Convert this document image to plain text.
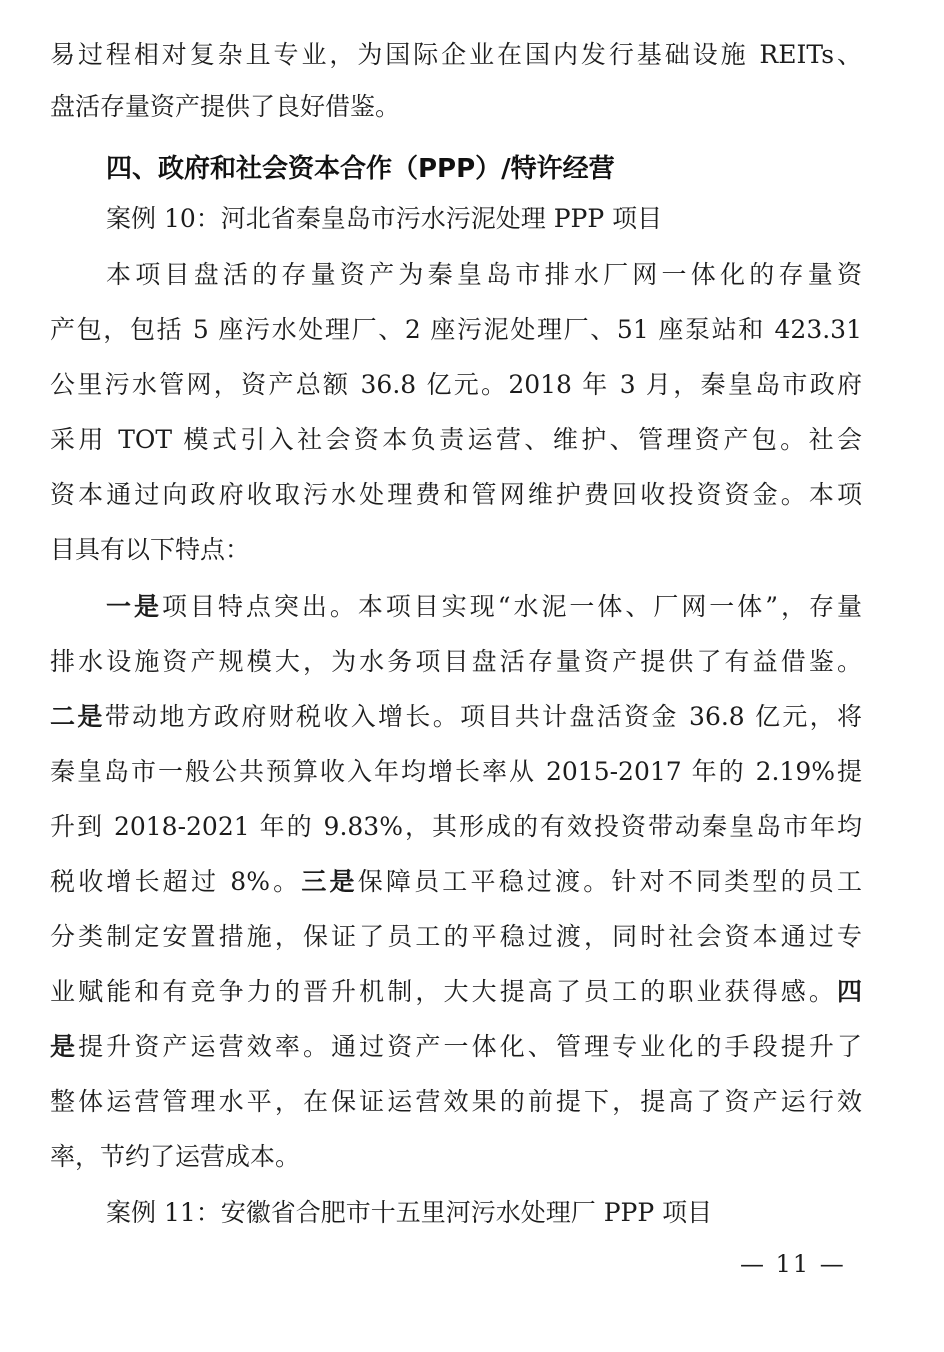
易过程相对复杂且专业，为国际企业在国内发行基础设施 REITs、
盘活存量资产提供了良好借鉴。
四、政府和社会资本合作（PPP）/特许经营
案例 10：河北省秦皇岛市污水污泥处理 PPP 项目
本项目盘活的存量资产为秦皇岛市排水厂网一体化的存量资
产包，包括 5 座污水处理厂、2 座污泥处理厂、51 座泵站和 423.31
公里污水管网，资产总额 36.8 亿元。2018 年 3 月，秦皇岛市政府
采用 TOT 模式引入社会资本负责运营、维护、管理资产包。社会
资本通过向政府收取污水处理费和管网维护费回收投资资金。本项
目具有以下特点：
一是项目特点突出。本项目实现“水泥一体、厂网一体”，存量
排水设施资产规模大，为水务项目盘活存量资产提供了有益借鉴。
二是带动地方政府财税收入增长。项目共计盘活资金 36.8 亿元，将
秦皇岛市一般公共预算收入年均增长率从 2015-2017 年的 2.19%提
升到 2018-2021 年的 9.83%，其形成的有效投资带动秦皇岛市年均
税收增长超过 8%。三是保障员工平稳过渡。针对不同类型的员工
分类制定安置措施，保证了员工的平稳过渡，同时社会资本通过专
业赋能和有竞争力的晋升机制，大大提高了员工的职业获得感。四
是提升资产运营效率。通过资产一体化、管理专业化的手段提升了
整体运营管理水平，在保证运营效果的前提下，提高了资产运行效
率，节约了运营成本。
案例 11：安徽省合肥市十五里河污水处理厂 PPP 项目
— 11 —
